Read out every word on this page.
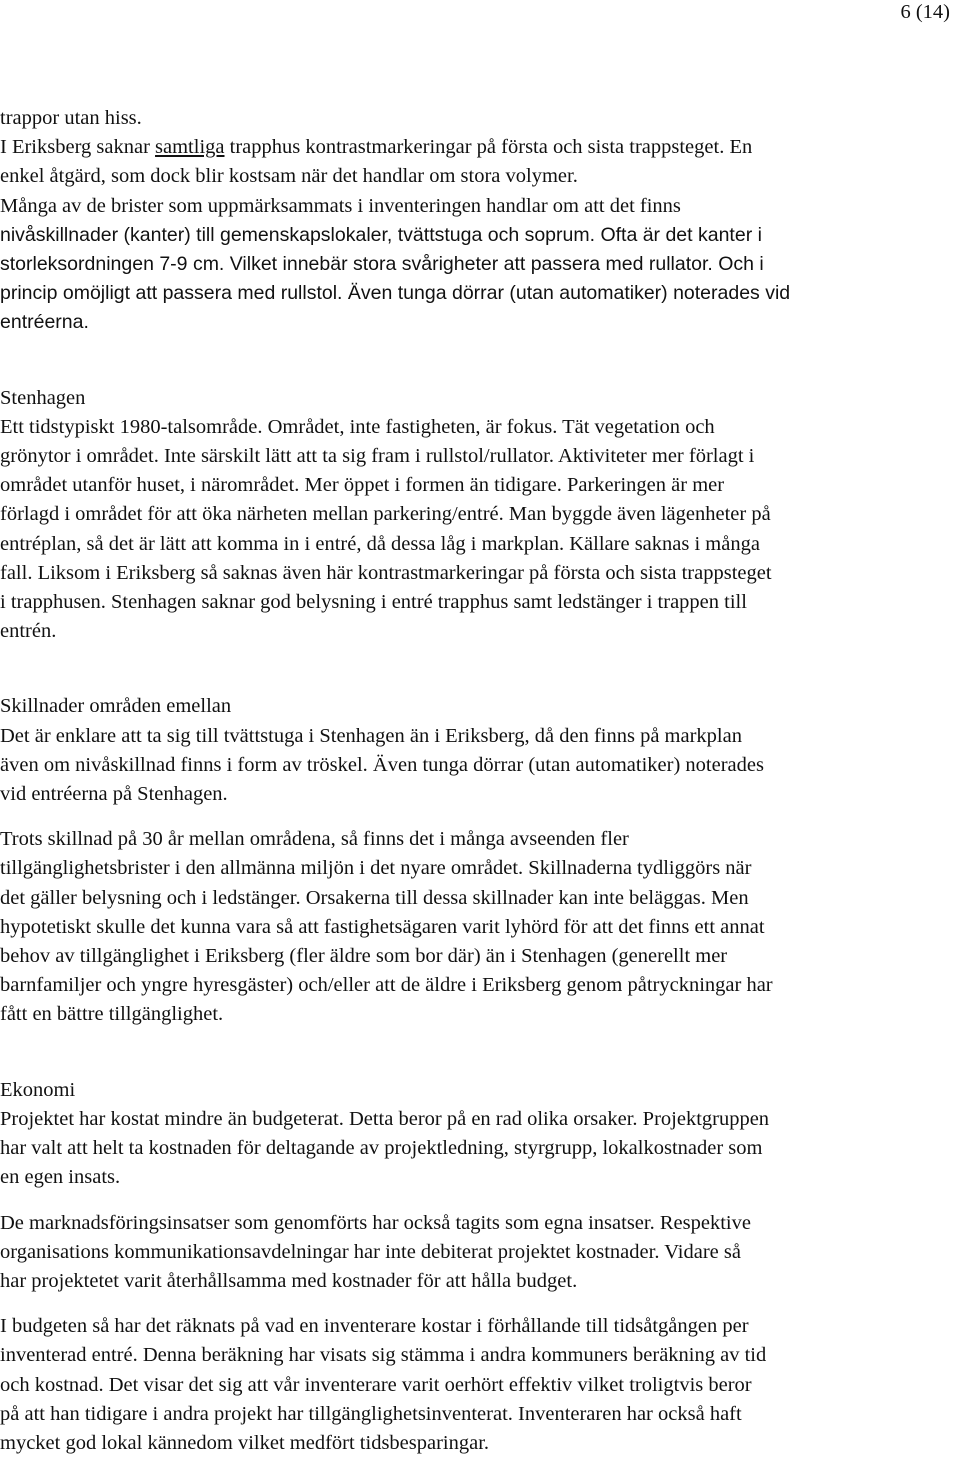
6 (14)
trappor utan hiss.
I Eriksberg saknar samtliga trapphus kontrastmarkeringar på första och sista trappsteget. En
enkel åtgärd, som dock blir kostsam när det handlar om stora volymer.
Många av de brister som uppmärksammats i inventeringen handlar om att det finns
nivåskillnader (kanter) till gemenskapslokaler, tvättstuga och soprum. Ofta är det kanter i
storleksordningen 7-9 cm. Vilket innebär stora svårigheter att passera med rullator. Och i
princip omöjligt att passera med rullstol. Även tunga dörrar (utan automatiker) noterades vid
entréerna.
Stenhagen
Ett tidstypiskt 1980-talsområde. Området, inte fastigheten, är fokus. Tät vegetation och
grönytor i området. Inte särskilt lätt att ta sig fram i rullstol/rullator. Aktiviteter mer förlagt i
området utanför huset, i närområdet. Mer öppet i formen än tidigare. Parkeringen är mer
förlagd i området för att öka närheten mellan parkering/entré. Man byggde även lägenheter på
entréplan, så det är lätt att komma in i entré, då dessa låg i markplan. Källare saknas i många
fall. Liksom i Eriksberg så saknas även här kontrastmarkeringar på första och sista trappsteget
i trapphusen. Stenhagen saknar god belysning i entré trapphus samt ledstänger i trappen till
entrén.
Skillnader områden emellan
Det är enklare att ta sig till tvättstuga i Stenhagen än i Eriksberg, då den finns på markplan
även om nivåskillnad finns i form av tröskel. Även tunga dörrar (utan automatiker) noterades
vid entréerna på Stenhagen.
Trots skillnad på 30 år mellan områdena, så finns det i många avseenden fler
tillgänglighetsbrister i den allmänna miljön i det nyare området. Skillnaderna tydliggörs när
det gäller belysning och i ledstänger. Orsakerna till dessa skillnader kan inte beläggas. Men
hypotetiskt skulle det kunna vara så att fastighetsägaren varit lyhörd för att det finns ett annat
behov av tillgänglighet i Eriksberg (fler äldre som bor där) än i Stenhagen (generellt mer
barnfamiljer och yngre hyresgäster) och/eller att de äldre i Eriksberg genom påtryckningar har
fått en bättre tillgänglighet.
Ekonomi
Projektet har kostat mindre än budgeterat. Detta beror på en rad olika orsaker. Projektgruppen
har valt att helt ta kostnaden för deltagande av projektledning, styrgrupp, lokalkostnader som
en egen insats.
De marknadsföringsinsatser som genomförts har också tagits som egna insatser. Respektive
organisations kommunikationsavdelningar har inte debiterat projektet kostnader. Vidare så
har projektetet varit återhållsamma med kostnader för att hålla budget.
I budgeten så har det räknats på vad en inventerare kostar i förhållande till tidsåtgången per
inventerad entré. Denna beräkning har visats sig stämma i andra kommuners beräkning av tid
och kostnad. Det visar det sig att vår inventerare varit oerhört effektiv vilket troligtvis beror
på att han tidigare i andra projekt har tillgänglighetsinventerat. Inventeraren har också haft
mycket god lokal kännedom vilket medfört tidsbesparingar.
